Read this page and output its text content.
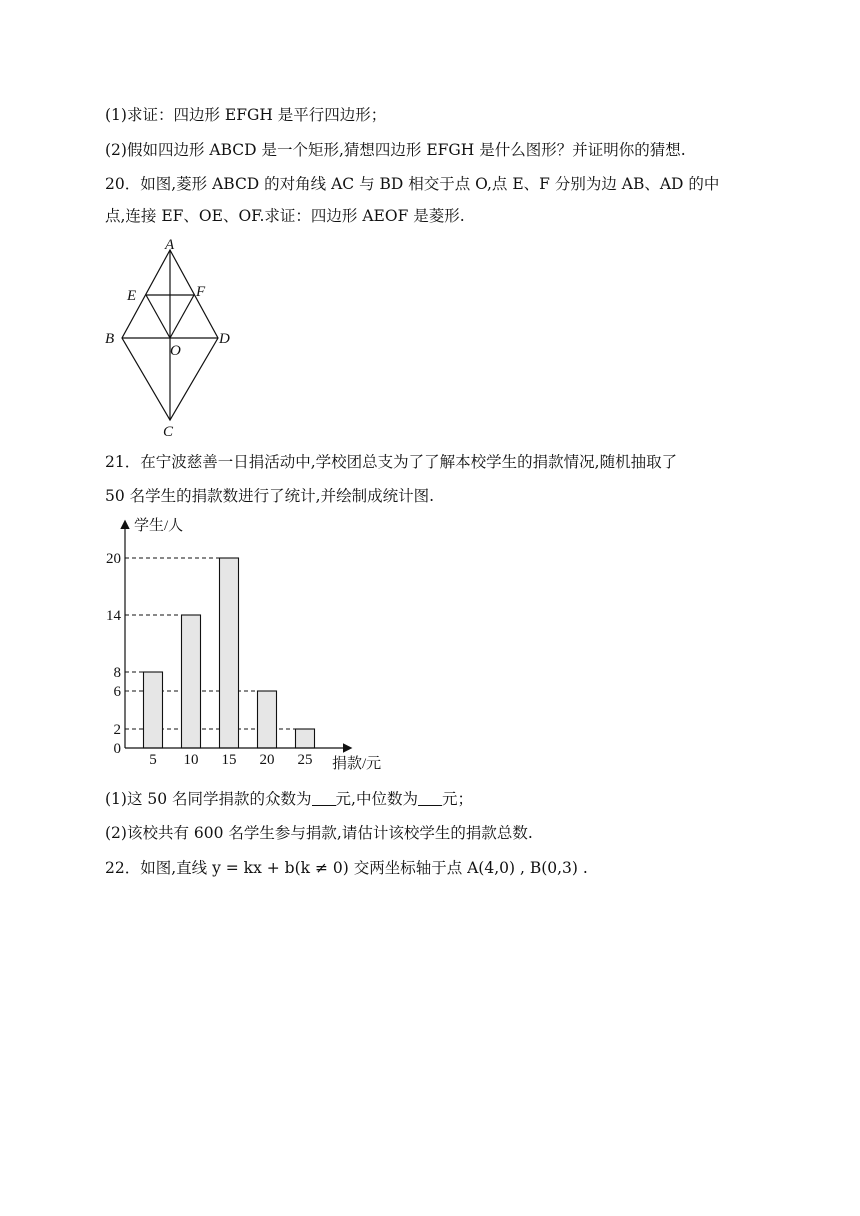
(1)求证：四边形 EFGH 是平行四边形；
(2)假如四边形 ABCD 是一个矩形,猜想四边形 EFGH 是什么图形？并证明你的猜想.
20．如图,菱形 ABCD 的对角线 AC 与 BD 相交于点 O,点 E、F 分别为边 AB、AD 的中
点,连接 EF、OE、OF.求证：四边形 AEOF 是菱形.
A
E	F
B
O
D
C
21．在宁波慈善一日捐活动中,学校团总支为了了解本校学生的捐款情况,随机抽取了
50 名学生的捐款数进行了统计,并绘制成统计图.
5 10 15 20 25
0
2
6
8
14
20
学生/人
捐款/元
(1)这 50 名同学捐款的众数为 元,中位数为 元；
(2)该校共有 600 名学生参与捐款,请估计该校学生的捐款总数.
22．如图,直线 y = kx + b(k ≠ 0) 交两坐标轴于点 A(4,0) , B(0,3) .
